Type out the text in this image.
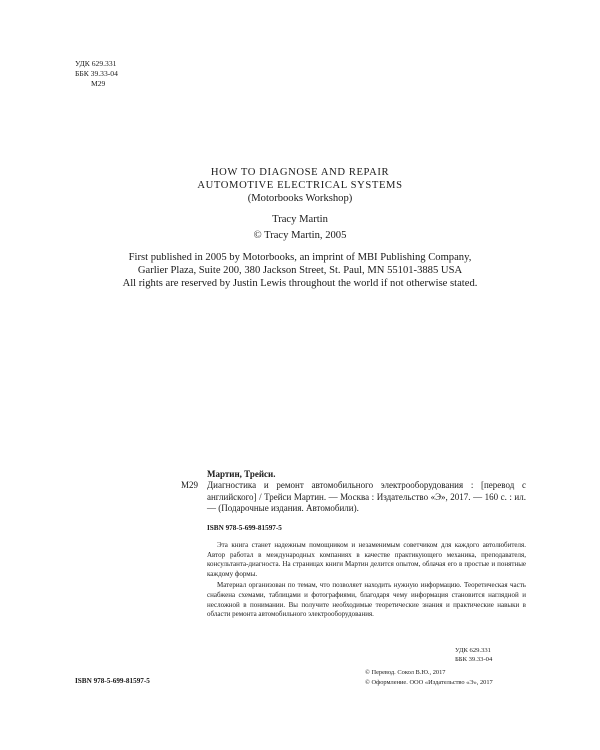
УДК 629.331
ББК 39.33-04
М29
HOW TO DIAGNOSE AND REPAIR
AUTOMOTIVE ELECTRICAL SYSTEMS
(Motorbooks Workshop)
Tracy Martin
© Tracy Martin, 2005
First published in 2005 by Motorbooks, an imprint of MBI Publishing Company,
Garlier Plaza, Suite 200, 380 Jackson Street, St. Paul, MN 55101-3885 USA
All rights are reserved by Justin Lewis throughout the world if not otherwise stated.
Мартин, Трейси.
М29 Диагностика и ремонт автомобильного электрооборудования : [перевод с английского] / Трейси Мартин. — Москва : Издательство «Э», 2017. — 160 с. : ил. — (Подарочные издания. Автомобили).
ISBN 978-5-699-81597-5

Эта книга станет надежным помощником и незаменимым советчиком для каждого автолюбителя. Автор работал в международных компаниях в качестве практикующего механика, преподавателя, консультанта-диагноста. На страницах книги Мартин делится опытом, облачая его в простые и понятные каждому формы.

Материал организован по темам, что позволяет находить нужную информацию. Теоретическая часть снабжена схемами, таблицами и фотографиями, благодаря чему информация становится наглядной и несложной в понимании. Вы получите необходимые теоретические знания и практические навыки в области ремонта автомобильного электрооборудования.

УДК 629.331
ББК 39.33-04
ISBN 978-5-699-81597-5
© Перевод. Сокол В.Ю., 2017
© Оформление. ООО «Издательство «Э», 2017
